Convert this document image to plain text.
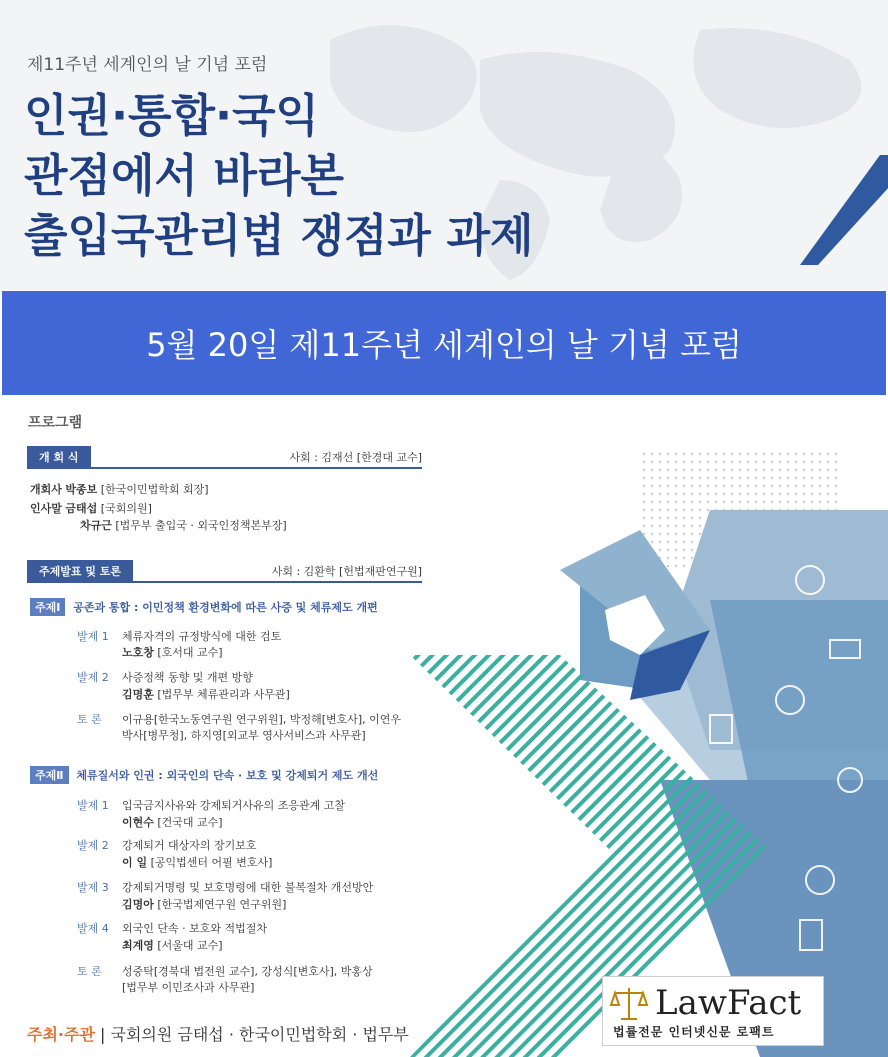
제11주년 세계인의 날 기념 포럼
인권·통합·국익
관점에서 바라본
출입국관리법 쟁점과 과제
5월 20일 제11주년 세계인의 날 기념 포럼
프로그램
개 회 식	사회 : 김재선 [한경대 교수]
개회사 박종보 [한국이민법학회 회장]
인사말 금태섭 [국회의원]
차규근 [법무부 출입국 · 외국인정책본부장]
주제발표 및 토론	사회 : 김환학 [헌법재판연구원]
주제Ⅰ 공존과 통합 : 이민정책 환경변화에 따른 사증 및 체류제도 개편
발제 1 체류자격의 규정방식에 대한 검토
노호창 [호서대 교수]
발제 2 사증정책 동향 및 개편 방향
김명훈 [법무부 체류관리과 사무관]
토 론 이규용[한국노동연구원 연구위원], 박정해[변호사], 이연우
박사[병무청], 하지영[외교부 영사서비스과 사무관]
주제Ⅱ 체류질서와 인권 : 외국인의 단속 · 보호 및 강제퇴거 제도 개선
발제 1 입국금지사유와 강제퇴거사유의 조응관계 고찰
이현수 [건국대 교수]
발제 2 강제퇴거 대상자의 장기보호
이 일 [공익법센터 어필 변호사]
발제 3 강제퇴거명령 및 보호명령에 대한 불복절차 개선방안
김명아 [한국법제연구원 연구위원]
발제 4 외국인 단속 · 보호와 적법절차
최계영 [서울대 교수]
토 론 성중탁[경북대 법전원 교수], 강성식[변호사], 박홍상
[법무부 이민조사과 사무관]
주최·주관 | 국회의원 금태섭 · 한국이민법학회 · 법무부
LawFact
법률전문 인터넷신문 로팩트
